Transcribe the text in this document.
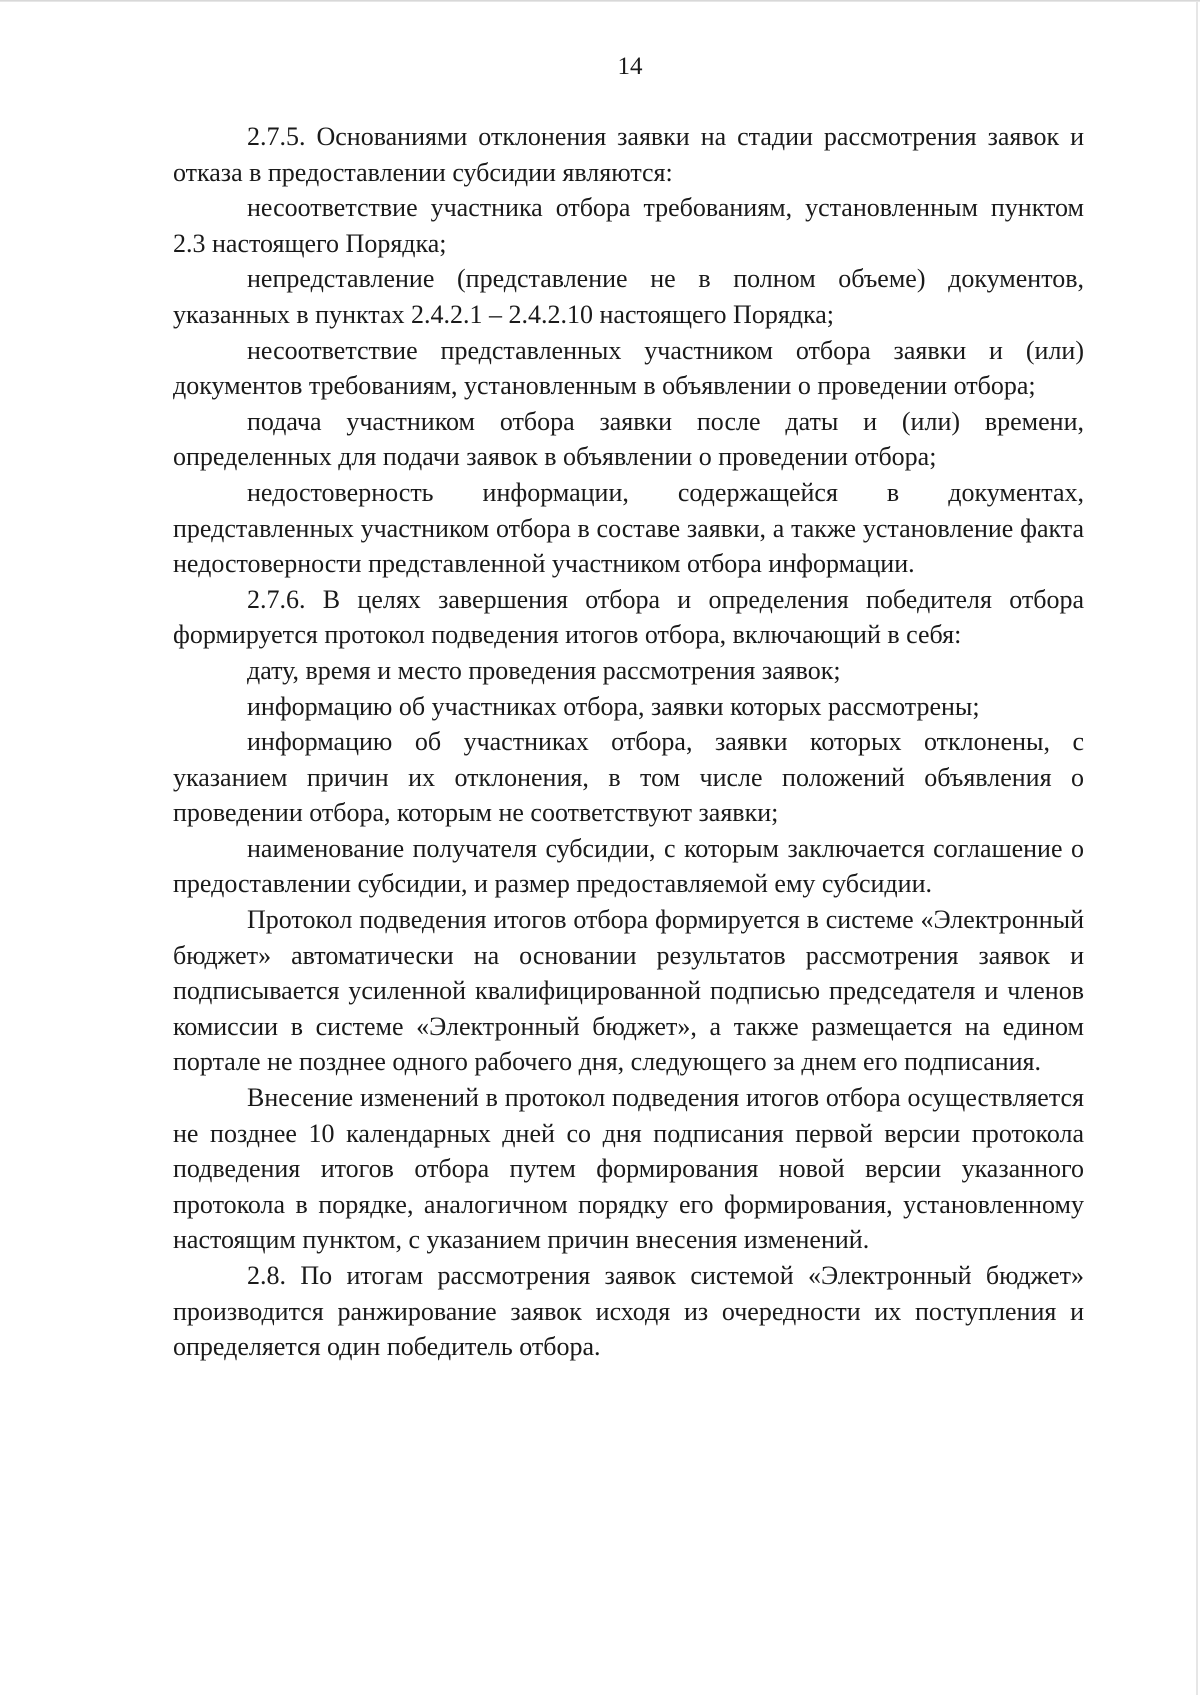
14

2.7.5. Основаниями отклонения заявки на стадии рассмотрения заявок и отказа в предоставлении субсидии являются:

несоответствие участника отбора требованиям, установленным пунктом 2.3 настоящего Порядка;

непредставление (представление не в полном объеме) документов, указанных в пунктах 2.4.2.1 – 2.4.2.10 настоящего Порядка;

несоответствие представленных участником отбора заявки и (или) документов требованиям, установленным в объявлении о проведении отбора;

подача участником отбора заявки после даты и (или) времени, определенных для подачи заявок в объявлении о проведении отбора;

недостоверность информации, содержащейся в документах, представленных участником отбора в составе заявки, а также установление факта недостоверности представленной участником отбора информации.

2.7.6. В целях завершения отбора и определения победителя отбора формируется протокол подведения итогов отбора, включающий в себя:

дату, время и место проведения рассмотрения заявок;

информацию об участниках отбора, заявки которых рассмотрены;

информацию об участниках отбора, заявки которых отклонены, с указанием причин их отклонения, в том числе положений объявления о проведении отбора, которым не соответствуют заявки;

наименование получателя субсидии, с которым заключается соглашение о предоставлении субсидии, и размер предоставляемой ему субсидии.

Протокол подведения итогов отбора формируется в системе «Электронный бюджет» автоматически на основании результатов рассмотрения заявок и подписывается усиленной квалифицированной подписью председателя и членов комиссии в системе «Электронный бюджет», а также размещается на едином портале не позднее одного рабочего дня, следующего за днем его подписания.

Внесение изменений в протокол подведения итогов отбора осуществляется не позднее 10 календарных дней со дня подписания первой версии протокола подведения итогов отбора путем формирования новой версии указанного протокола в порядке, аналогичном порядку его формирования, установленному настоящим пунктом, с указанием причин внесения изменений.

2.8. По итогам рассмотрения заявок системой «Электронный бюджет» производится ранжирование заявок исходя из очередности их поступления и определяется один победитель отбора.
